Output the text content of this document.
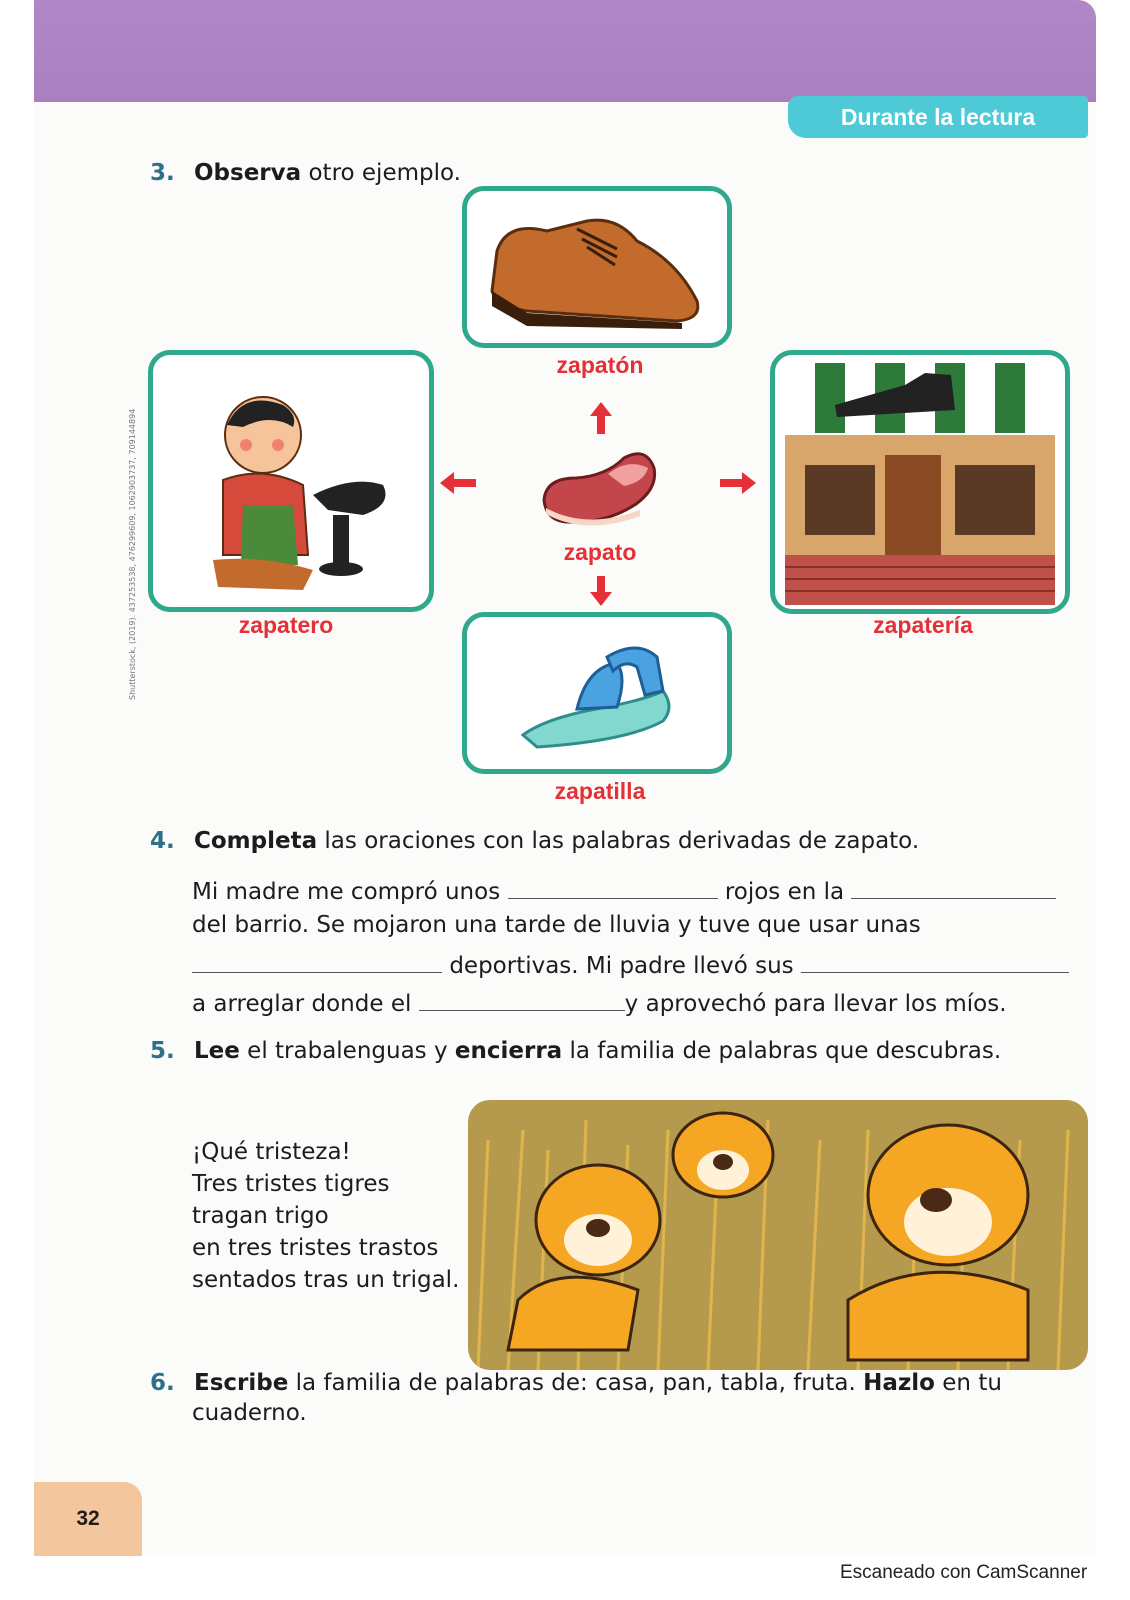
Durante la lectura
3. Observa otro ejemplo.
zapatón
zapatero
zapato
zapatería
zapatilla
Shutterstock, (2019). 437253538, 476299609, 1062903737, 709144894
4. Completa las oraciones con las palabras derivadas de zapato.
Mi madre me compró unos	rojos en la
del barrio. Se mojaron una tarde de lluvia y tuve que usar unas
deportivas. Mi padre llevó sus
a arreglar donde el	y aprovechó para llevar los míos.
5. Lee el trabalenguas y encierra la familia de palabras que descubras.
¡Qué tristeza!
Tres tristes tigres
tragan trigo
en tres tristes trastos
sentados tras un trigal.
6. Escribe la familia de palabras de: casa, pan, tabla, fruta. Hazlo en tu
cuaderno.
32
Escaneado con CamScanner
